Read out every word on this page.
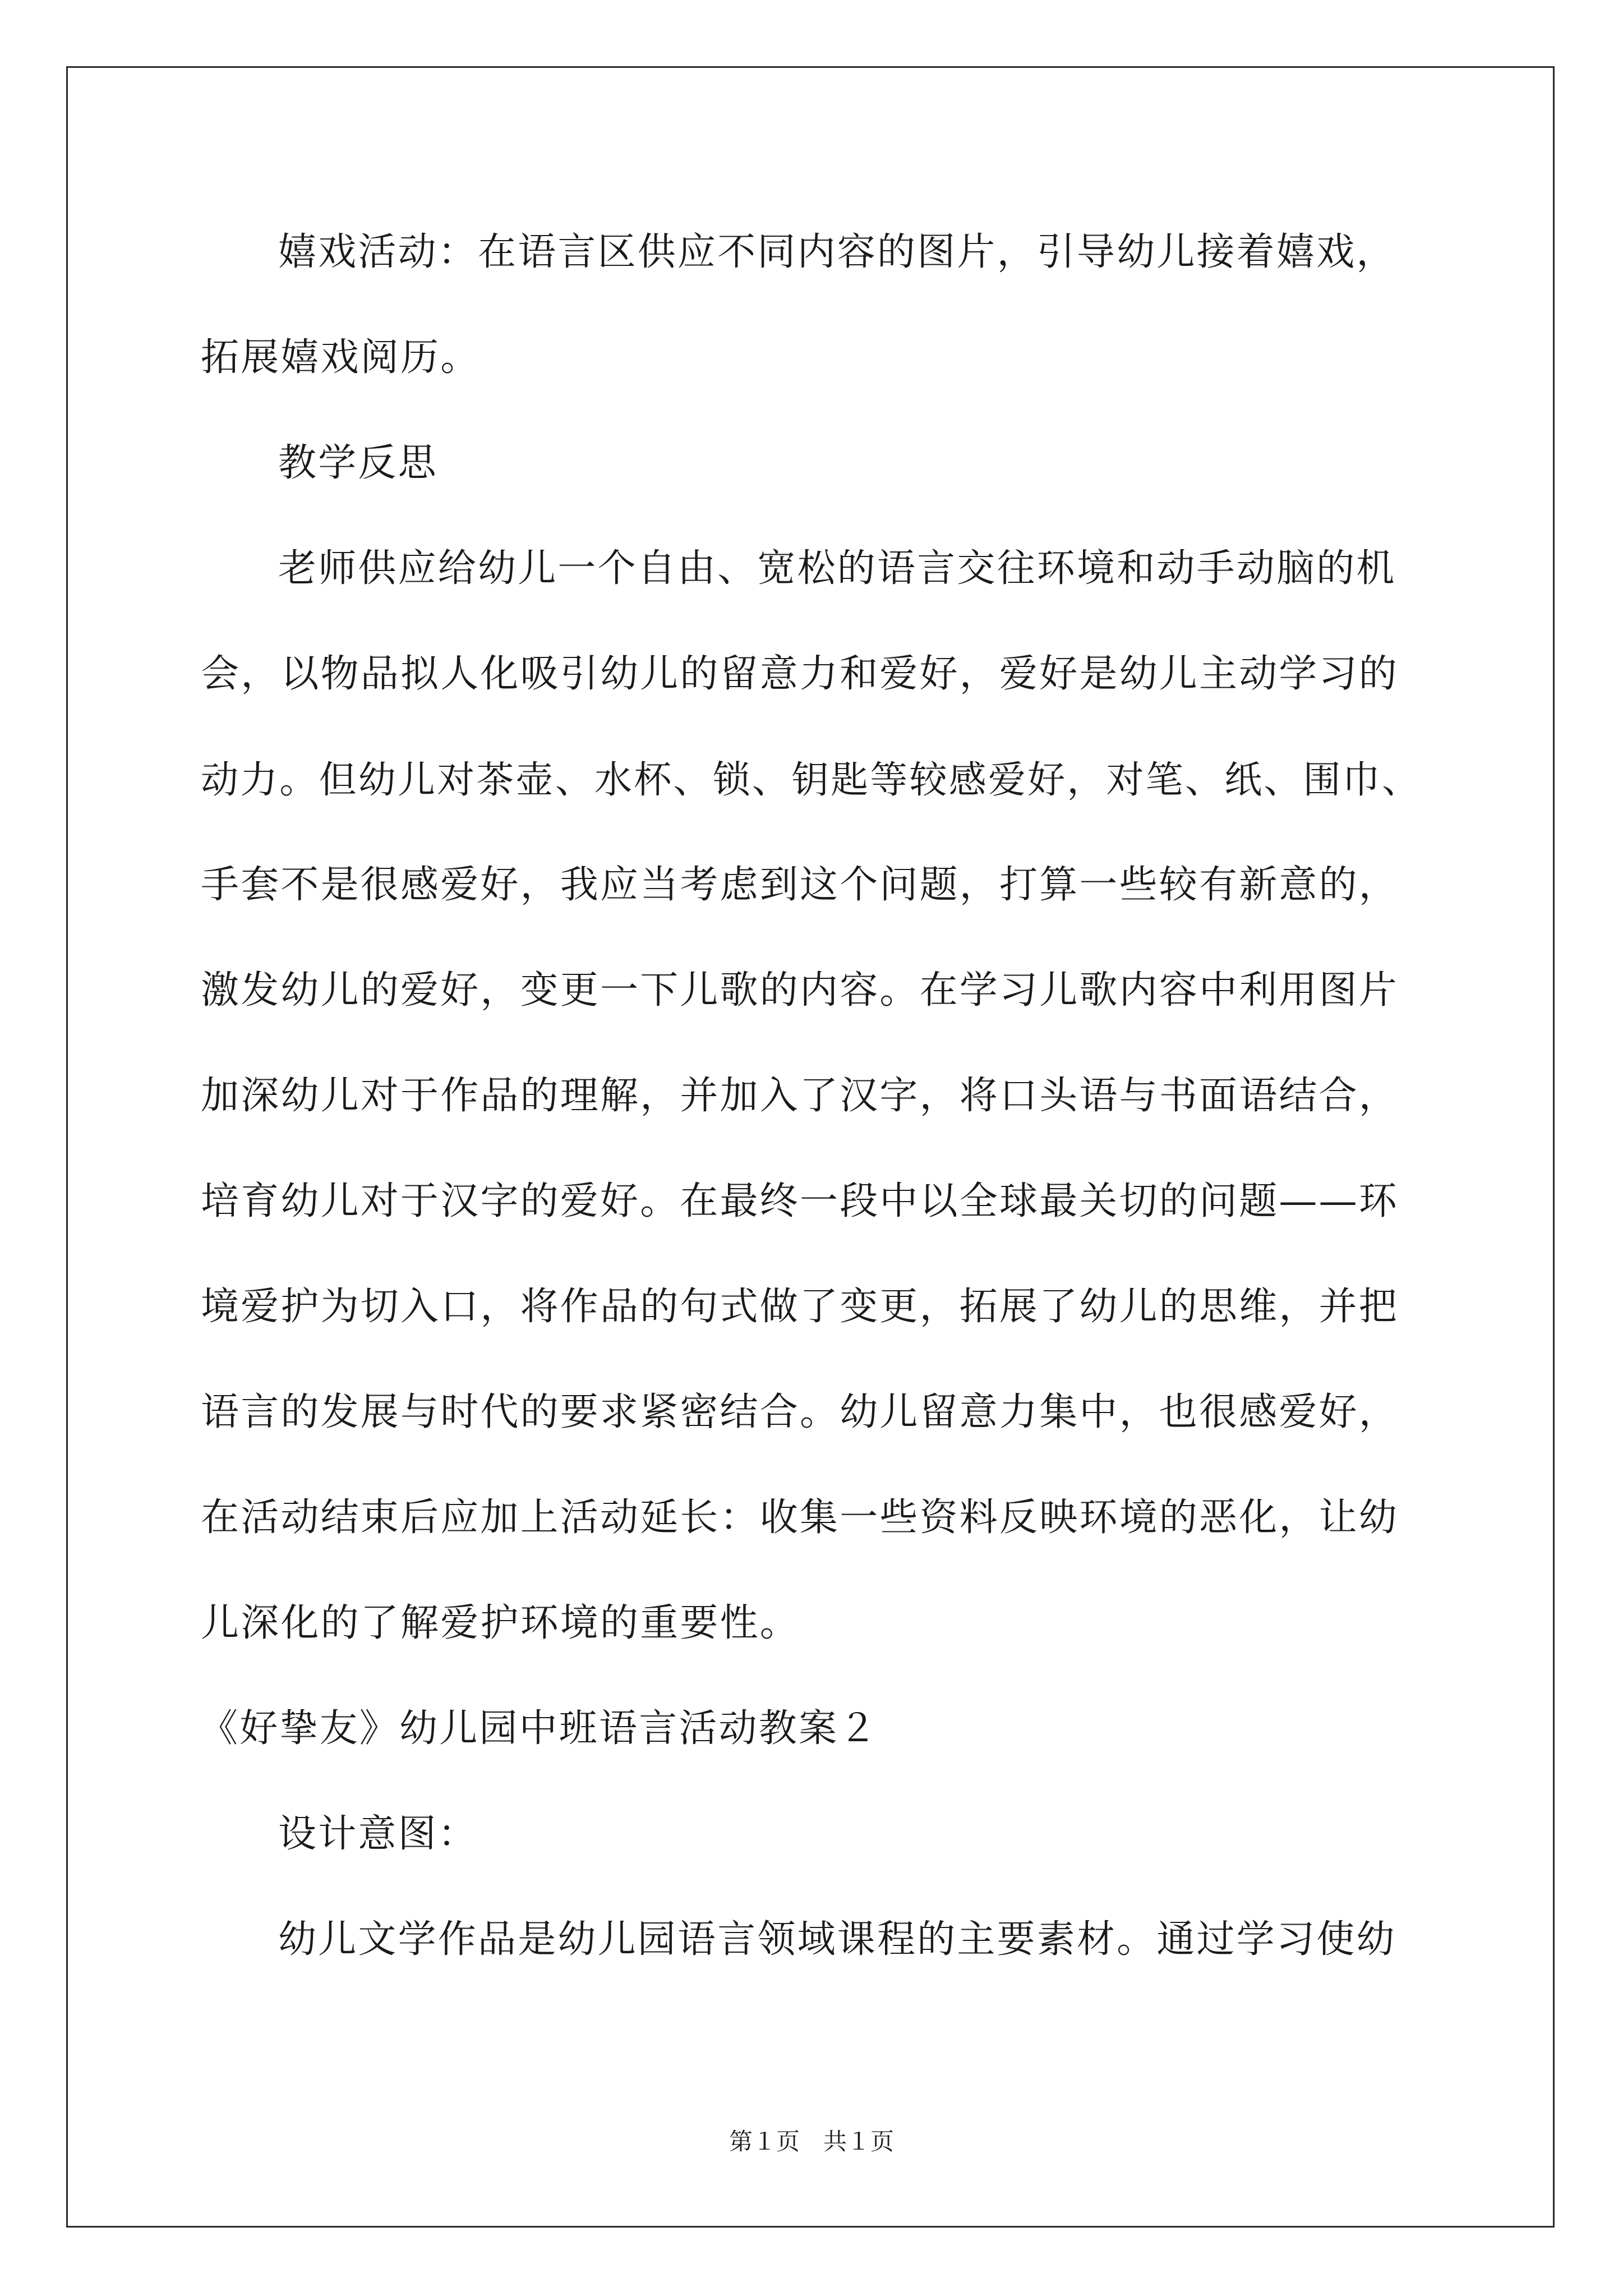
嬉戏活动：在语言区供应不同内容的图片，引导幼儿接着嬉戏，
拓展嬉戏阅历。
教学反思
老师供应给幼儿一个自由、宽松的语言交往环境和动手动脑的机
会，以物品拟人化吸引幼儿的留意力和爱好，爱好是幼儿主动学习的
动力。但幼儿对茶壶、水杯、锁、钥匙等较感爱好，对笔、纸、围巾、
手套不是很感爱好，我应当考虑到这个问题，打算一些较有新意的，
激发幼儿的爱好，变更一下儿歌的内容。在学习儿歌内容中利用图片
加深幼儿对于作品的理解，并加入了汉字，将口头语与书面语结合，
培育幼儿对于汉字的爱好。在最终一段中以全球最关切的问题——环
境爱护为切入口，将作品的句式做了变更，拓展了幼儿的思维，并把
语言的发展与时代的要求紧密结合。幼儿留意力集中，也很感爱好，
在活动结束后应加上活动延长：收集一些资料反映环境的恶化，让幼
儿深化的了解爱护环境的重要性。
《好挚友》幼儿园中班语言活动教案２
设计意图：
幼儿文学作品是幼儿园语言领域课程的主要素材。通过学习使幼
第１页　共１页
